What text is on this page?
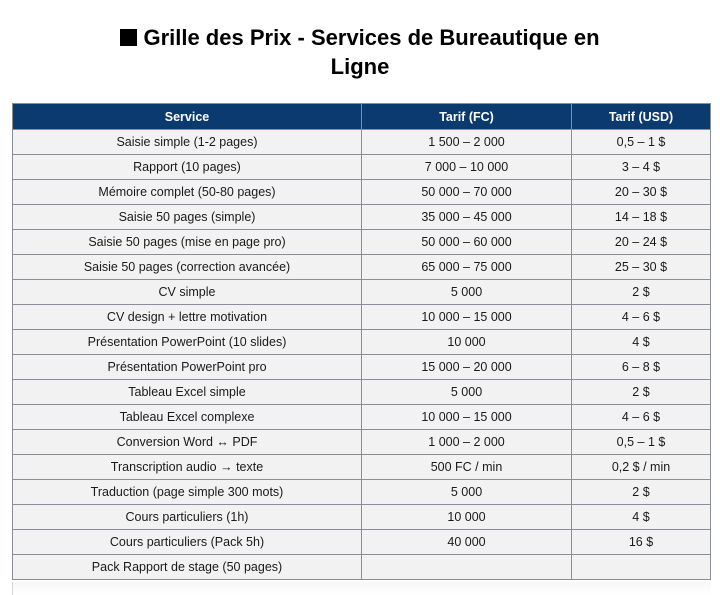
Grille des Prix - Services de Bureautique en
Ligne
Service	Tarif (FC)	Tarif (USD)
Saisie simple (1-2 pages)	1 500 – 2 000	0,5 – 1 $
Rapport (10 pages)	7 000 – 10 000	3 – 4 $
Mémoire complet (50-80 pages)	50 000 – 70 000	20 – 30 $
Saisie 50 pages (simple)	35 000 – 45 000	14 – 18 $
Saisie 50 pages (mise en page pro)	50 000 – 60 000	20 – 24 $
Saisie 50 pages (correction avancée)	65 000 – 75 000	25 – 30 $
CV simple	5 000	2 $
CV design + lettre motivation	10 000 – 15 000	4 – 6 $
Présentation PowerPoint (10 slides)	10 000	4 $
Présentation PowerPoint pro	15 000 – 20 000	6 – 8 $
Tableau Excel simple	5 000	2 $
Tableau Excel complexe	10 000 – 15 000	4 – 6 $
Conversion Word ↔ PDF	1 000 – 2 000	0,5 – 1 $
Transcription audio → texte	500 FC / min	0,2 $ / min
Traduction (page simple 300 mots)	5 000	2 $
Cours particuliers (1h)	10 000	4 $
Cours particuliers (Pack 5h)	40 000	16 $
Pack Rapport de stage (50 pages)		
